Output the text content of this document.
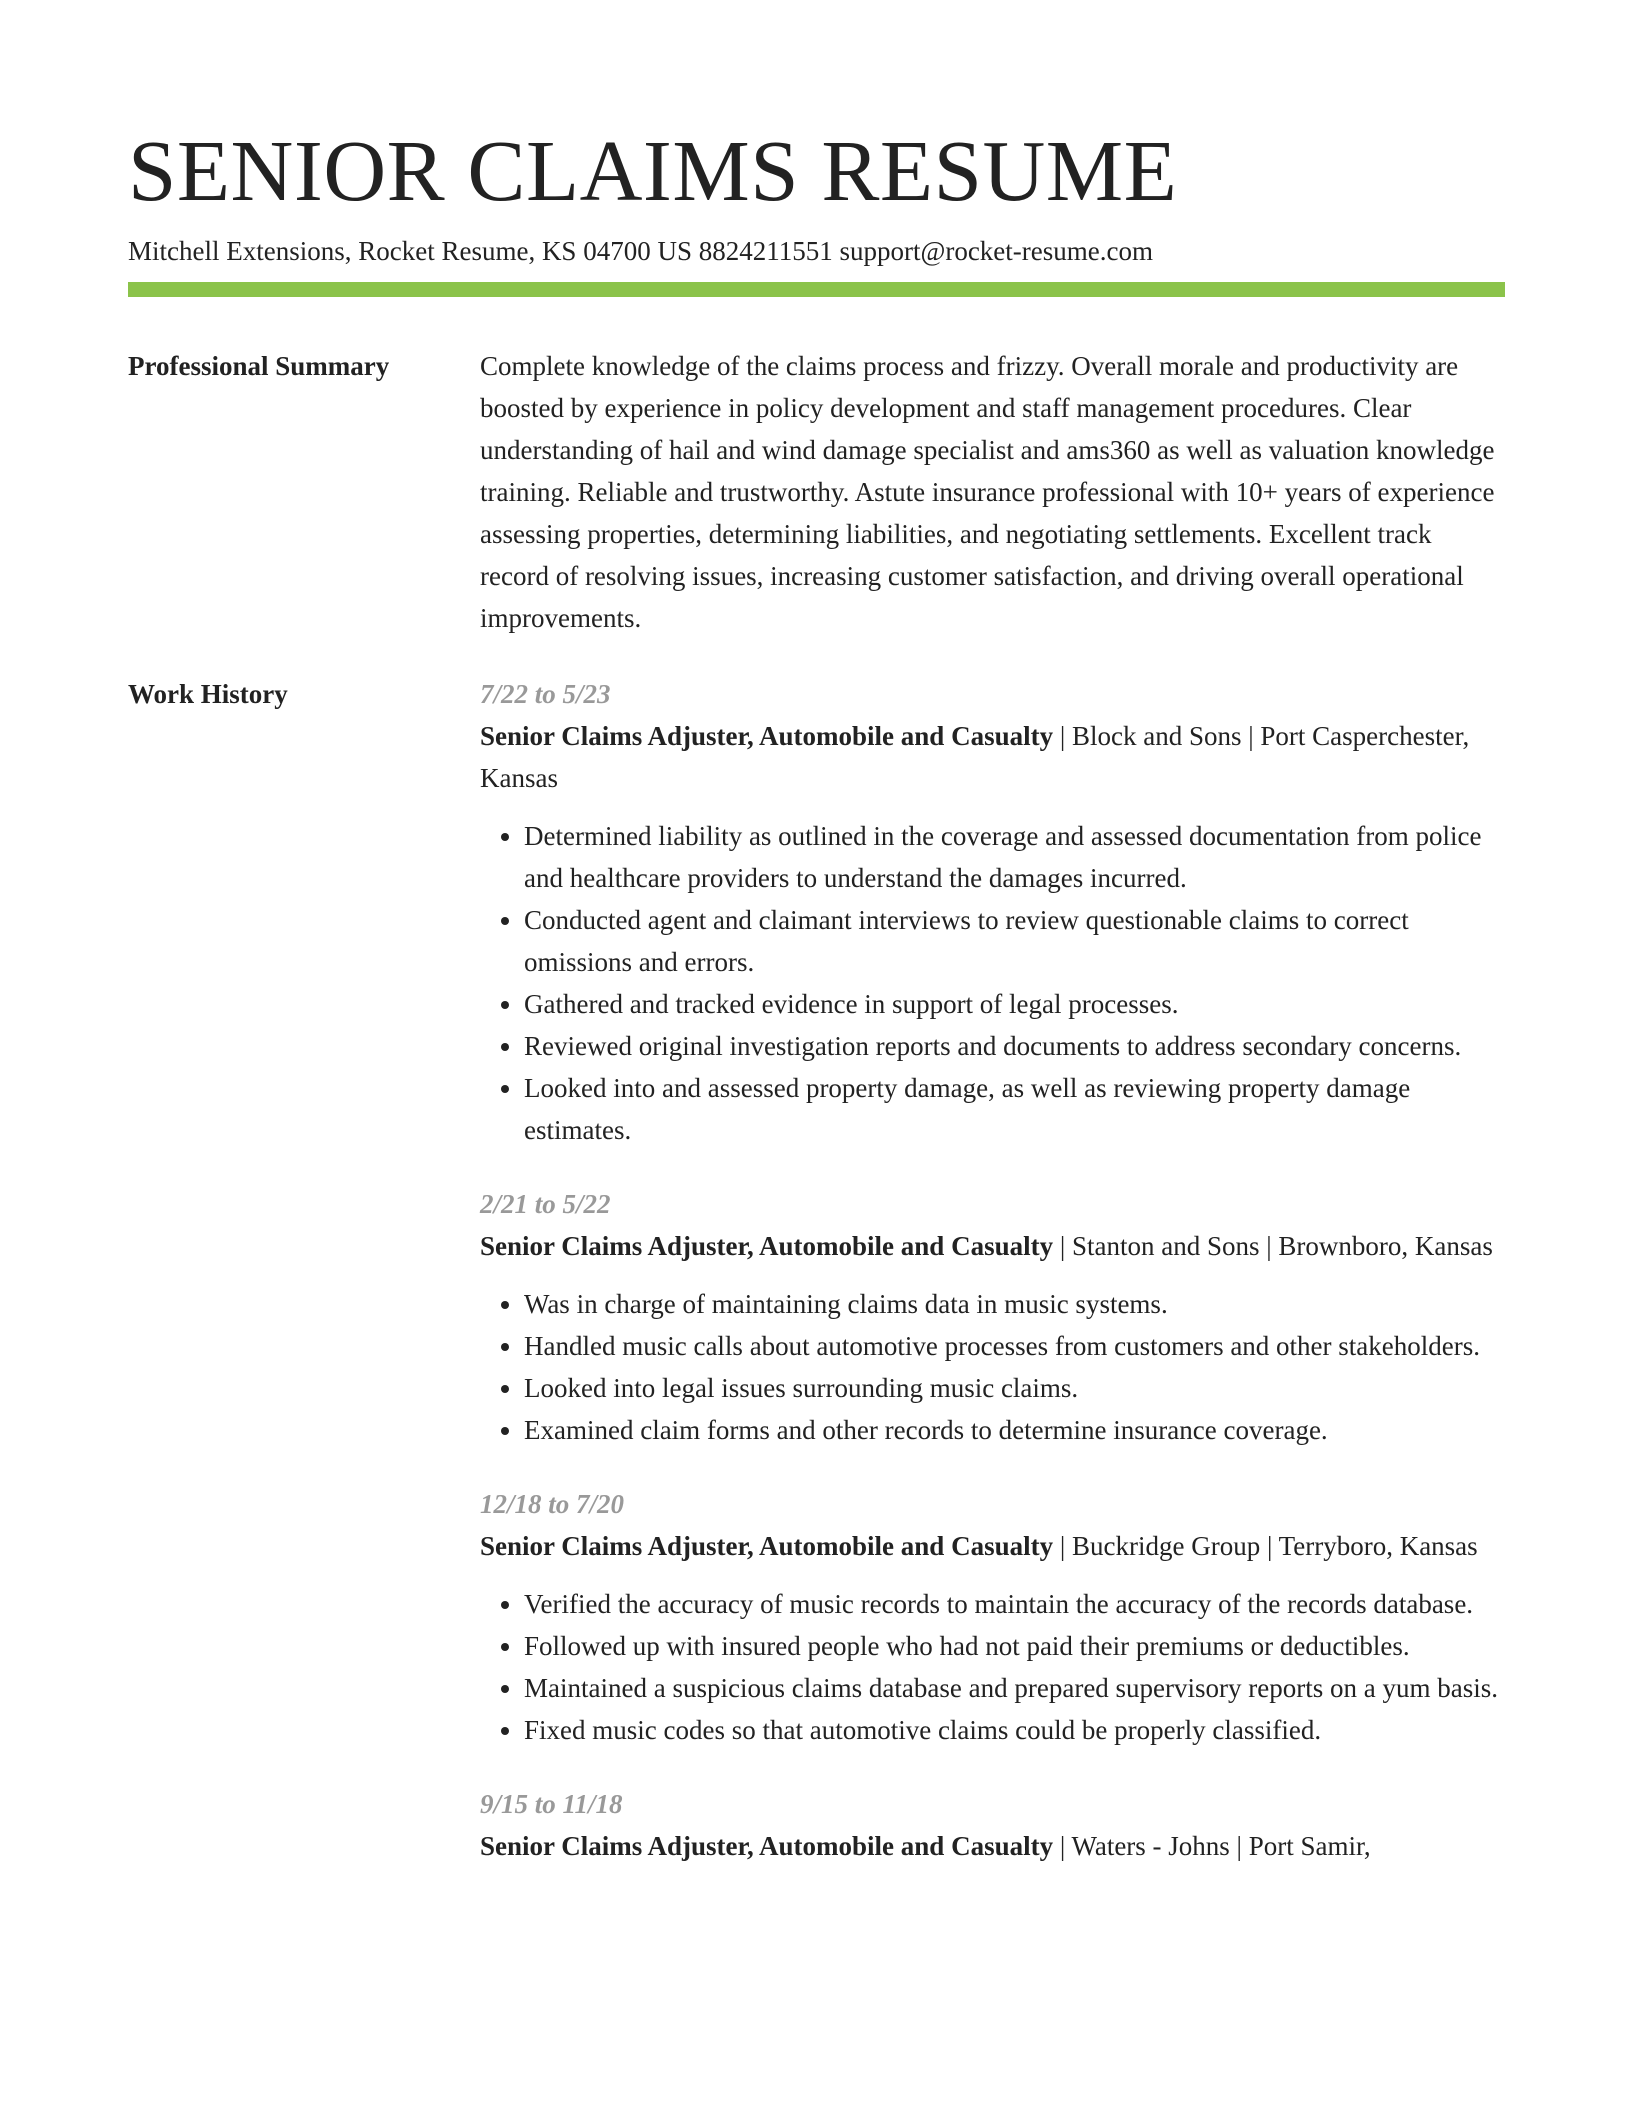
SENIOR CLAIMS RESUME
Mitchell Extensions, Rocket Resume, KS 04700 US 8824211551 support@rocket-resume.com
Professional Summary	Complete knowledge of the claims process and frizzy. Overall morale and productivity are boosted by experience in policy development and staff management procedures. Clear understanding of hail and wind damage specialist and ams360 as well as valuation knowledge training. Reliable and trustworthy. Astute insurance professional with 10+ years of experience assessing properties, determining liabilities, and negotiating settlements. Excellent track record of resolving issues, increasing customer satisfaction, and driving overall operational improvements.

Work History	7/22 to 5/23
Senior Claims Adjuster, Automobile and Casualty | Block and Sons | Port Casperchester, Kansas
• Determined liability as outlined in the coverage and assessed documentation from police and healthcare providers to understand the damages incurred.
• Conducted agent and claimant interviews to review questionable claims to correct omissions and errors.
• Gathered and tracked evidence in support of legal processes.
• Reviewed original investigation reports and documents to address secondary concerns.
• Looked into and assessed property damage, as well as reviewing property damage estimates.
2/21 to 5/22
Senior Claims Adjuster, Automobile and Casualty | Stanton and Sons | Brownboro, Kansas
• Was in charge of maintaining claims data in music systems.
• Handled music calls about automotive processes from customers and other stakeholders.
• Looked into legal issues surrounding music claims.
• Examined claim forms and other records to determine insurance coverage.
12/18 to 7/20
Senior Claims Adjuster, Automobile and Casualty | Buckridge Group | Terryboro, Kansas
• Verified the accuracy of music records to maintain the accuracy of the records database.
• Followed up with insured people who had not paid their premiums or deductibles.
• Maintained a suspicious claims database and prepared supervisory reports on a yum basis.
• Fixed music codes so that automotive claims could be properly classified.
9/15 to 11/18
Senior Claims Adjuster, Automobile and Casualty | Waters - Johns | Port Samir,
